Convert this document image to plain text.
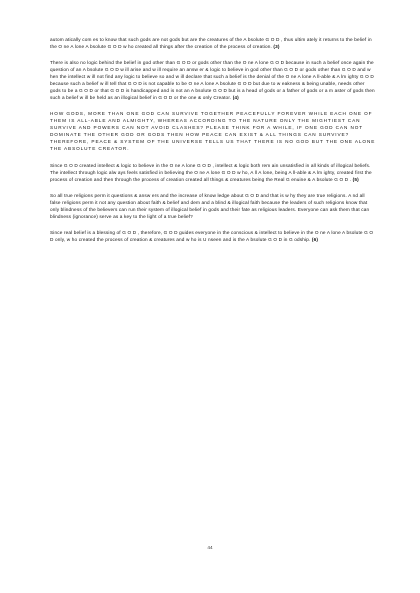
autom atically com es to know that such gods are not gods but are the creatures of the A bsolute G O D , thus ultim ately it returns to the belief in the O ne A lone A bsolute G O D w ho created all things after the creation of the process of creation. (3)

There is also no logic behind the belief in god other than G O D or gods other than the O ne A lone G O D because in such a belief once again the question of an A bsolute G O D w ill arise and w ill require an answ er & logic to believe in god other than G O D or gods other than G O D and w hen the intellect w ill not find any logic to believe so and w ill declare that such a belief is the denial of the O ne A lone A ll-able & A lm ighty G O D because such a belief w ill tell that G O D is not capable to be O ne A lone A bsolute G O D but due to w eakness & being unable, needs other gods to be a G O D or that G O D is handicapped and is not an A bsolute G O D but is a head of gods or a father of gods or a m aster of gods then such a belief w ill be held as an illogical belief in G O D or the one & only Creator. (4)

HOW GODS, MORE THAN ONE GOD CAN SURVIVE TOGETHER PEACEFULLY FOREVER WHILE EACH ONE OF THEM IS ALL-ABLE AND ALMIGHTY, WHEREAS ACCORDING TO THE NATURE ONLY THE MIGHTIEST CAN SURVIVE AND POWERS CAN NOT AVOID CLASHES? PLEASE THINK FOR A WHILE, IF ONE GOD CAN NOT DOMINATE THE OTHER GOD OR GODS THEN HOW PEACE CAN EXIST & ALL THINGS CAN SURVIVE? THEREFORE, PEACE & SYSTEM OF THE UNIVERSE TELLS US THAT THERE IS NO GOD BUT THE ONE ALONE THE ABSOLUTE CREATOR.

Since G O D created intellect & logic to believe in the O ne A lone G O D , intellect & logic both rem ain unsatisfied in all kinds of illogical beliefs. The intellect through logic alw ays feels satisfied in believing the O ne A lone G O D w ho, A ll A lone, being A ll-able & A lm ighty, created first the process of creation and then through the process of creation created all things & creatures being the Real G enuine & A bsolute G O D . (5)

So all true religions perm it questions & answ ers and the increase of know ledge about G O D and that is w hy they are true religions. A nd all false religions perm it not any question about faith & belief and dem and a blind & illogical faith because the leaders of such religions know that only blindness of the believers can run their system of illogical belief in gods and their fate as religious leaders. Everyone can ask them that can blindness (ignorance) serve as a key to the light of a true belief?

Since real belief is a blessing of G O D , therefore, G O D guides everyone in the conscious & intellect to believe in the O ne A lone A bsolute G O D only, w ho created the process of creation & creatures and w ho is U nseen and is the A bsolute G O D in G odship. (6)

44
